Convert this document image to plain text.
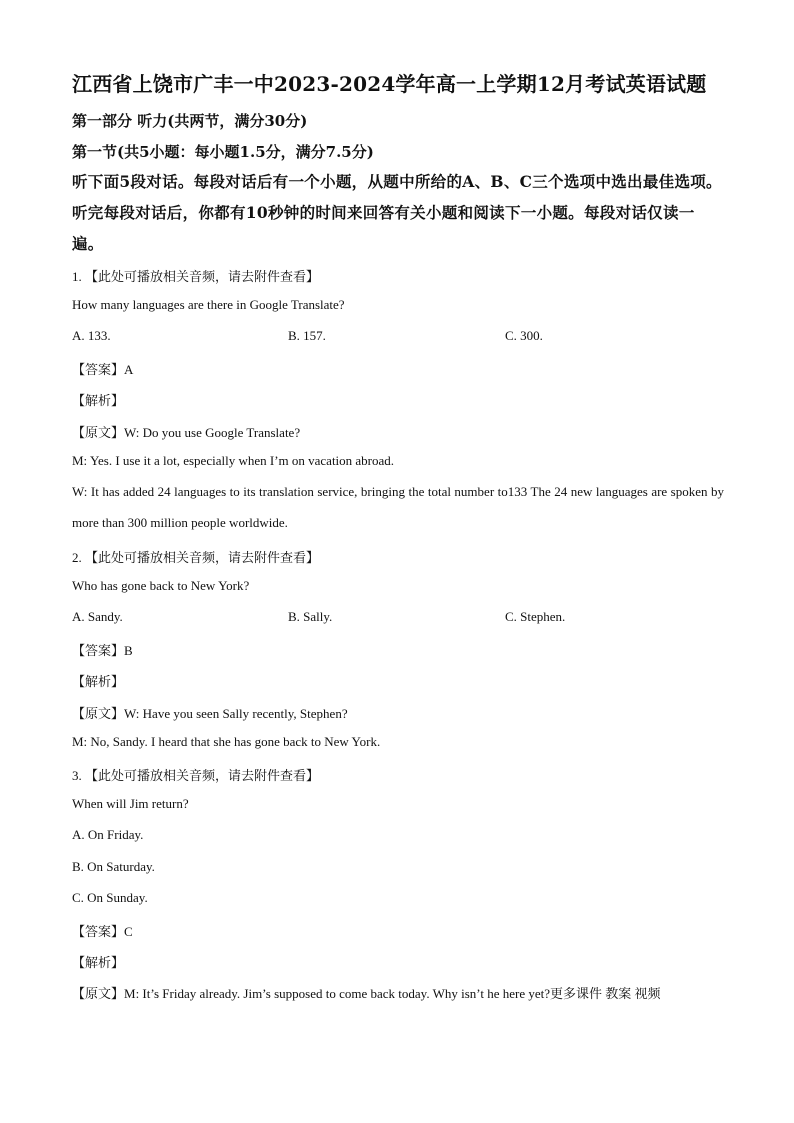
江西省上饶市广丰一中2023-2024学年高一上学期12月考试英语试题
第一部分 听力(共两节，满分30分)
第一节(共5小题：每小题1.5分，满分7.5分)
听下面5段对话。每段对话后有一个小题，从题中所给的A、B、C三个选项中选出最佳选项。听完每段对话后，你都有10秒钟的时间来回答有关小题和阅读下一小题。每段对话仅读一遍。
1. 【此处可播放相关音频，请去附件查看】
How many languages are there in Google Translate?
A. 133.	B. 157.	C. 300.
【答案】A
【解析】
【原文】W: Do you use Google Translate?
M: Yes. I use it a lot, especially when I’m on vacation abroad.
W: It has added 24 languages to its translation service, bringing the total number to133 The 24 new languages are spoken by more than 300 million people worldwide.
2. 【此处可播放相关音频，请去附件查看】
Who has gone back to New York?
A. Sandy.	B. Sally.	C. Stephen.
【答案】B
【解析】
【原文】W: Have you seen Sally recently, Stephen?
M: No, Sandy. I heard that she has gone back to New York.
3. 【此处可播放相关音频，请去附件查看】
When will Jim return?
A. On Friday.
B. On Saturday.
C. On Sunday.
【答案】C
【解析】
【原文】M: It’s Friday already. Jim’s supposed to come back today. Why isn’t he here yet?更多课件 教案 视频
